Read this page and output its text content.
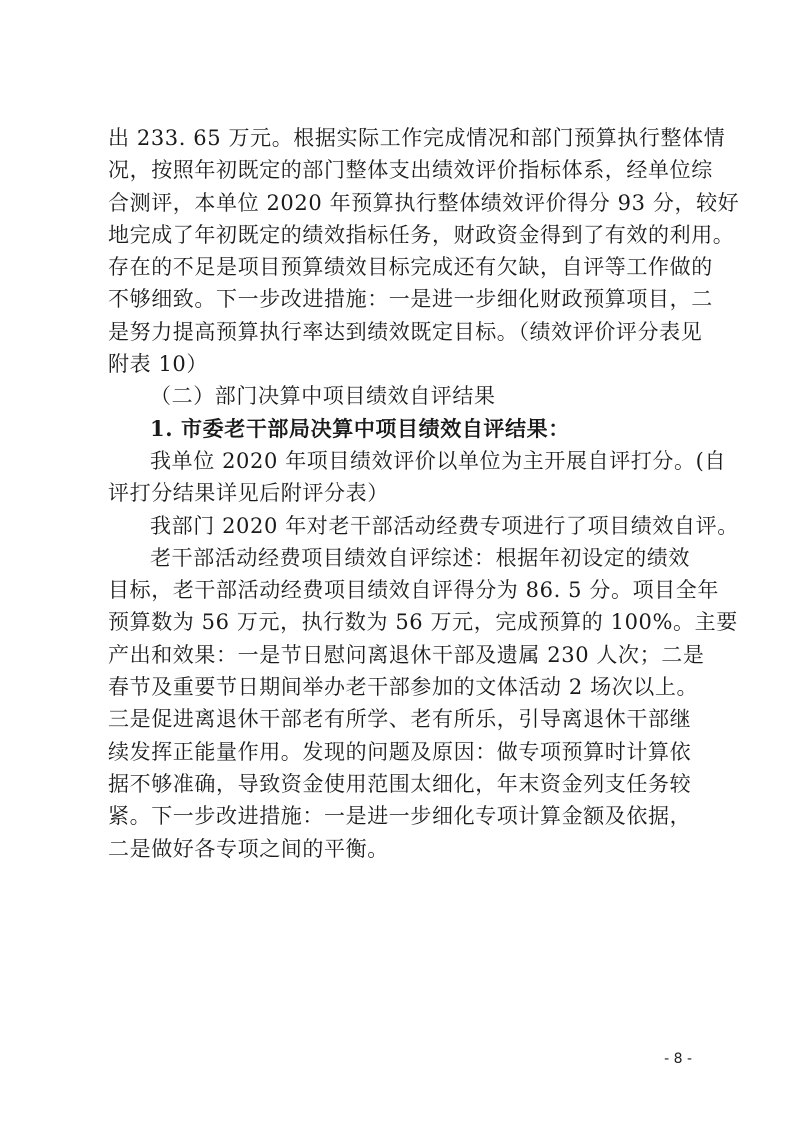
出 233. 65 万元。根据实际工作完成情况和部门预算执行整体情
况，按照年初既定的部门整体支出绩效评价指标体系，经单位综
合测评，本单位 2020 年预算执行整体绩效评价得分 93 分，较好
地完成了年初既定的绩效指标任务，财政资金得到了有效的利用。
存在的不足是项目预算绩效目标完成还有欠缺，自评等工作做的
不够细致。下一步改进措施：一是进一步细化财政预算项目，二
是努力提高预算执行率达到绩效既定目标。（绩效评价评分表见
附表 10）
（二）部门决算中项目绩效自评结果
1. 市委老干部局决算中项目绩效自评结果：
我单位 2020 年项目绩效评价以单位为主开展自评打分。(自
评打分结果详见后附评分表）
我部门 2020 年对老干部活动经费专项进行了项目绩效自评。
老干部活动经费项目绩效自评综述：根据年初设定的绩效
目标，老干部活动经费项目绩效自评得分为 86. 5 分。项目全年
预算数为 56 万元，执行数为 56 万元，完成预算的 100%。主要
产出和效果：一是节日慰问离退休干部及遗属 230 人次；二是
春节及重要节日期间举办老干部参加的文体活动 2 场次以上。
三是促进离退休干部老有所学、老有所乐，引导离退休干部继
续发挥正能量作用。发现的问题及原因：做专项预算时计算依
据不够准确，导致资金使用范围太细化，年末资金列支任务较
紧。下一步改进措施：一是进一步细化专项计算金额及依据，
二是做好各专项之间的平衡。
- 8 -
